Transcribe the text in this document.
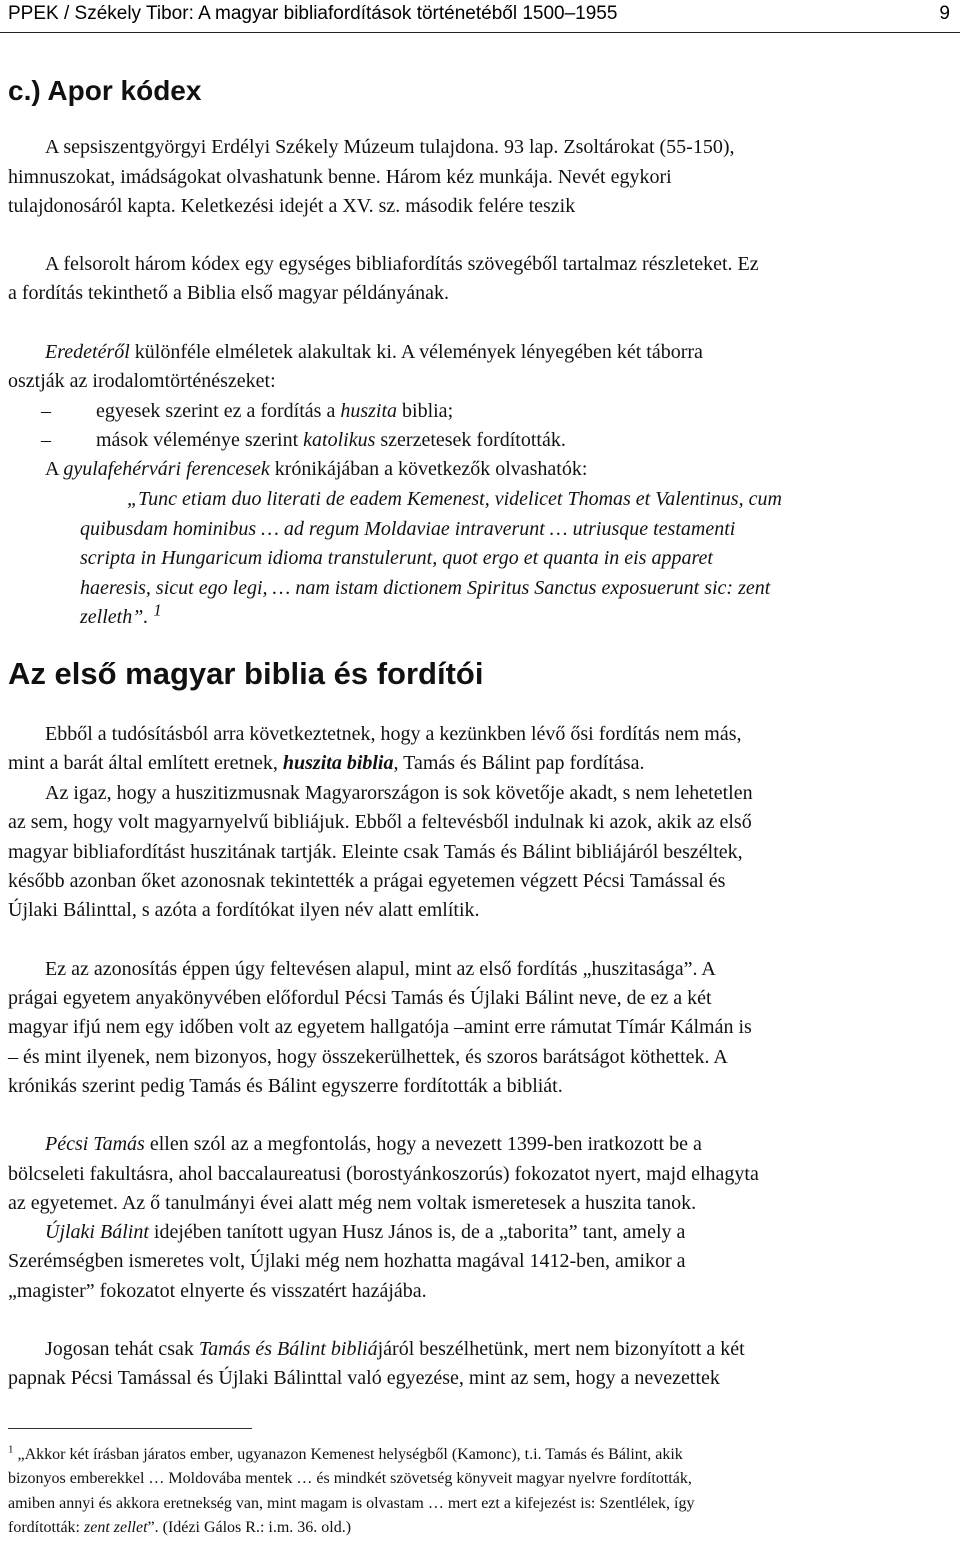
PPEK / Székely Tibor: A magyar bibliafordítások történetéből 1500–1955	9
c.) Apor kódex

A sepsiszentgyörgyi Erdélyi Székely Múzeum tulajdona. 93 lap. Zsoltárokat (55-150),

himnuszokat, imádságokat olvashatunk benne. Három kéz munkája. Nevét egykori

tulajdonosáról kapta. Keletkezési idejét a XV. sz. második felére teszik

A felsorolt három kódex egy egységes bibliafordítás szövegéből tartalmaz részleteket. Ez

a fordítás tekinthető a Biblia első magyar példányának.

Eredetéről különféle elméletek alakultak ki. A vélemények lényegében két táborra

osztják az irodalomtörténészeket:

– egyesek szerint ez a fordítás a huszita biblia;

– mások véleménye szerint katolikus szerzetesek fordították.

A gyulafehérvári ferencesek krónikájában a következők olvashatók:

„Tunc etiam duo literati de eadem Kemenest, videlicet Thomas et Valentinus, cum

quibusdam hominibus … ad regum Moldaviae intraverunt … utriusque testamenti

scripta in Hungaricum idioma transtulerunt, quot ergo et quanta in eis apparet

haeresis, sicut ego legi, … nam istam dictionem Spiritus Sanctus exposuerunt sic: zent

zelleth”. $^1$

Az első magyar biblia és fordítói

Ebből a tudósításból arra következtetnek, hogy a kezünkben lévő ősi fordítás nem más,

mint a barát által említett eretnek, huszita biblia, Tamás és Bálint pap fordítása.

Az igaz, hogy a huszitizmusnak Magyarországon is sok követője akadt, s nem lehetetlen

az sem, hogy volt magyarnyelvű bibliájuk. Ebből a feltevésből indulnak ki azok, akik az első

magyar bibliafordítást huszitának tartják. Eleinte csak Tamás és Bálint bibliájáról beszéltek,

később azonban őket azonosnak tekintették a prágai egyetemen végzett Pécsi Tamással és

Újlaki Bálinttal, s azóta a fordítókat ilyen név alatt említik.

Ez az azonosítás éppen úgy feltevésen alapul, mint az első fordítás „huszitasága”. A

prágai egyetem anyakönyvében előfordul Pécsi Tamás és Újlaki Bálint neve, de ez a két

magyar ifjú nem egy időben volt az egyetem hallgatója –amint erre rámutat Tímár Kálmán is

– és mint ilyenek, nem bizonyos, hogy összekerülhettek, és szoros barátságot köthettek. A

krónikás szerint pedig Tamás és Bálint egyszerre fordították a bibliát.

Pécsi Tamás ellen szól az a megfontolás, hogy a nevezett 1399-ben iratkozott be a

bölcseleti fakultásra, ahol baccalaureatusi (borostyánkoszorús) fokozatot nyert, majd elhagyta

az egyetemet. Az ő tanulmányi évei alatt még nem voltak ismeretesek a huszita tanok.

Újlaki Bálint idejében tanított ugyan Husz János is, de a „taborita” tant, amely a

Szerémségben ismeretes volt, Újlaki még nem hozhatta magával 1412-ben, amikor a

„magister” fokozatot elnyerte és visszatért hazájába.

Jogosan tehát csak Tamás és Bálint bibliájáról beszélhetünk, mert nem bizonyított a két

papnak Pécsi Tamással és Újlaki Bálinttal való egyezése, mint az sem, hogy a nevezettek

$^1$ „Akkor két írásban járatos ember, ugyanazon Kemenest helységből (Kamonc), t.i. Tamás és Bálint, akik
bizonyos emberekkel … Moldovába mentek … és mindkét szövetség könyveit magyar nyelvre fordították,
amiben annyi és akkora eretnekség van, mint magam is olvastam … mert ezt a kifejezést is: Szentlélek, így
fordították: zent zellet”. (Idézi Gálos R.: i.m. 36. old.)
